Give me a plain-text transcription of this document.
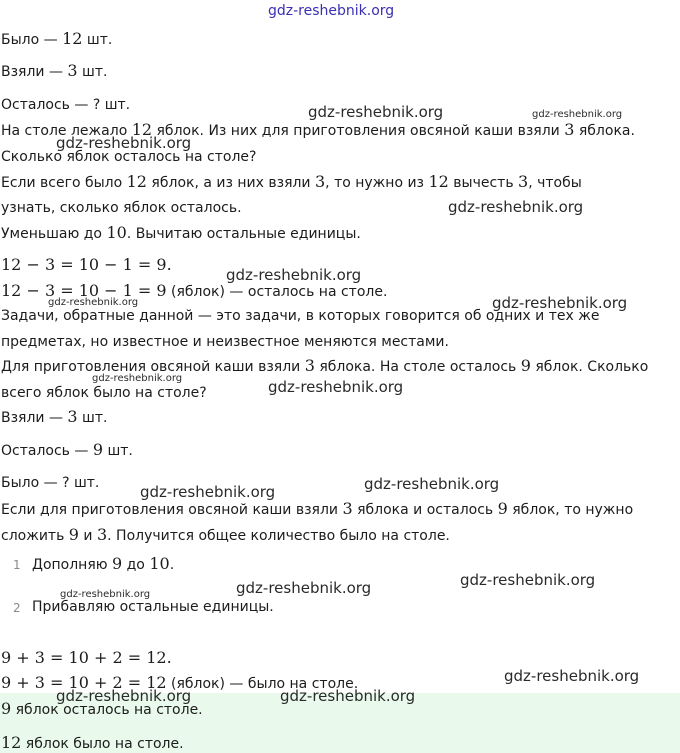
gdz-reshebnik.org
gdz-reshebnik.org	gdz-reshebnik.org
gdz-reshebnik.org
gdz-reshebnik.org
gdz-reshebnik.org
gdz-reshebnik.org
gdz-reshebnik.org
gdz-reshebnik.org	gdz-reshebnik.org
gdz-reshebnik.org
gdz-reshebnik.org
gdz-reshebnik.org
gdz-reshebnik.org
gdz-reshebnik.org
gdz-reshebnik.org
gdz-reshebnik.org	gdz-reshebnik.org
Было — 12 шт.
Взяли — 3 шт.
Осталось — ? шт.
На столе лежало 12 яблок. Из них для приготовления овсяной каши взяли 3 яблока.
Сколько яблок осталось на столе?
Если всего было 12 яблок, а из них взяли 3, то нужно из 12 вычесть 3, чтобы
узнать, сколько яблок осталось.
Уменьшаю до 10. Вычитаю остальные единицы.
12 − 3 = 10 − 1 = 9.
12 − 3 = 10 − 1 = 9 (яблок) — осталось на столе.
Задачи, обратные данной — это задачи, в которых говорится об одних и тех же
предметах, но известное и неизвестное меняются местами.
Для приготовления овсяной каши взяли 3 яблока. На столе осталось 9 яблок. Сколько
всего яблок было на столе?
Взяли — 3 шт.
Осталось — 9 шт.
Было — ? шт.
Если для приготовления овсяной каши взяли 3 яблока и осталось 9 яблок, то нужно
сложить 9 и 3. Получится общее количество было на столе.
1 Дополняю 9 до 10.
2 Прибавляю остальные единицы.
9 + 3 = 10 + 2 = 12.
9 + 3 = 10 + 2 = 12 (яблок) — было на столе.
9 яблок осталось на столе.
12 яблок было на столе.
